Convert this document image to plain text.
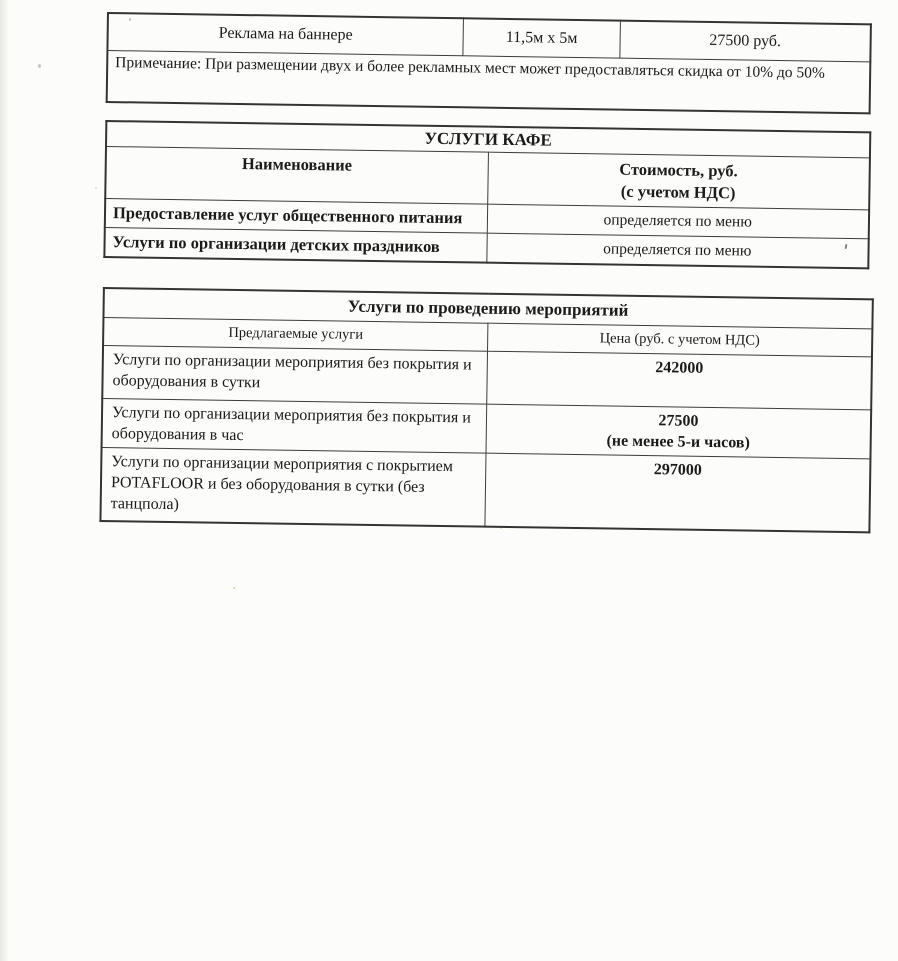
Реклама на баннере	11,5м x 5м	27500 руб.
Примечание: При размещении двух и более рекламных мест может предоставляться скидка от 10% до 50%
УСЛУГИ КАФЕ	
Наименование	Стоимость, руб.
(с учетом НДС)

Предоставление услуг общественного питания	определяется по меню
Услуги по организации детских праздников	определяется по меню
Услуги по проведению мероприятий	
Предлагаемые услуги	Цена (руб. с учетом НДС)
Услуги по организации мероприятия без покрытия и оборудования в сутки	242000

Услуги по организации мероприятия без покрытия и оборудования в час	27500
(не менее 5-и часов)

Услуги по организации мероприятия с покрытием POTAFLOOR и без оборудования в сутки (без танцпола)	297000
